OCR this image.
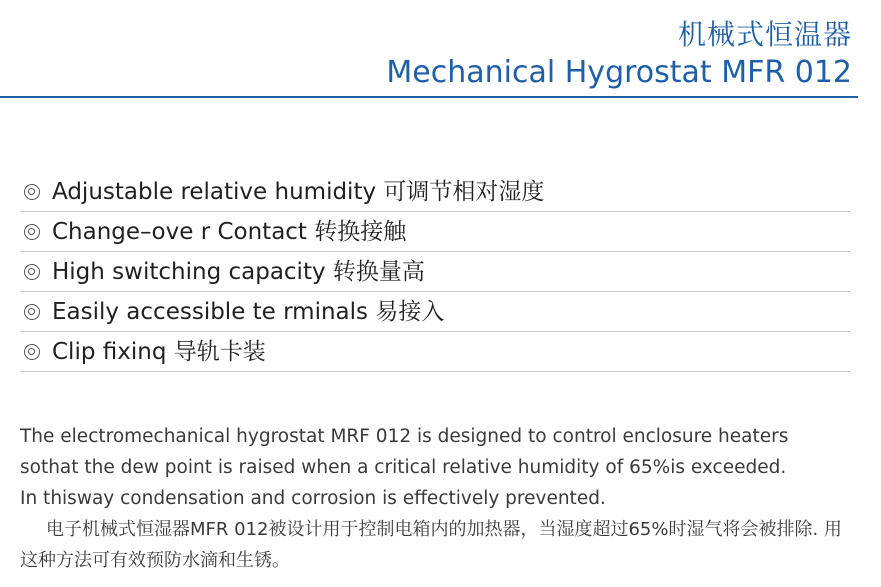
机械式恒温器
Mechanical Hygrostat MFR 012
Adjustable relative humidity 可调节相对湿度
Change–ove r Contact 转换接触
High switching capacity 转换量高
Easily accessible te rminals 易接入
Clip fixinq 导轨卡装

The electromechanical hygrostat MRF 012 is designed to control enclosure heaters

sothat the dew point is raised when a critical relative humidity of 65%is exceeded.

In thisway condensation and corrosion is effectively prevented.

电子机械式恒湿器MFR 012被设计用于控制电箱内的加热器，当湿度超过65%时湿气将会被排除. 用这种方法可有效预防水滴和生锈。
